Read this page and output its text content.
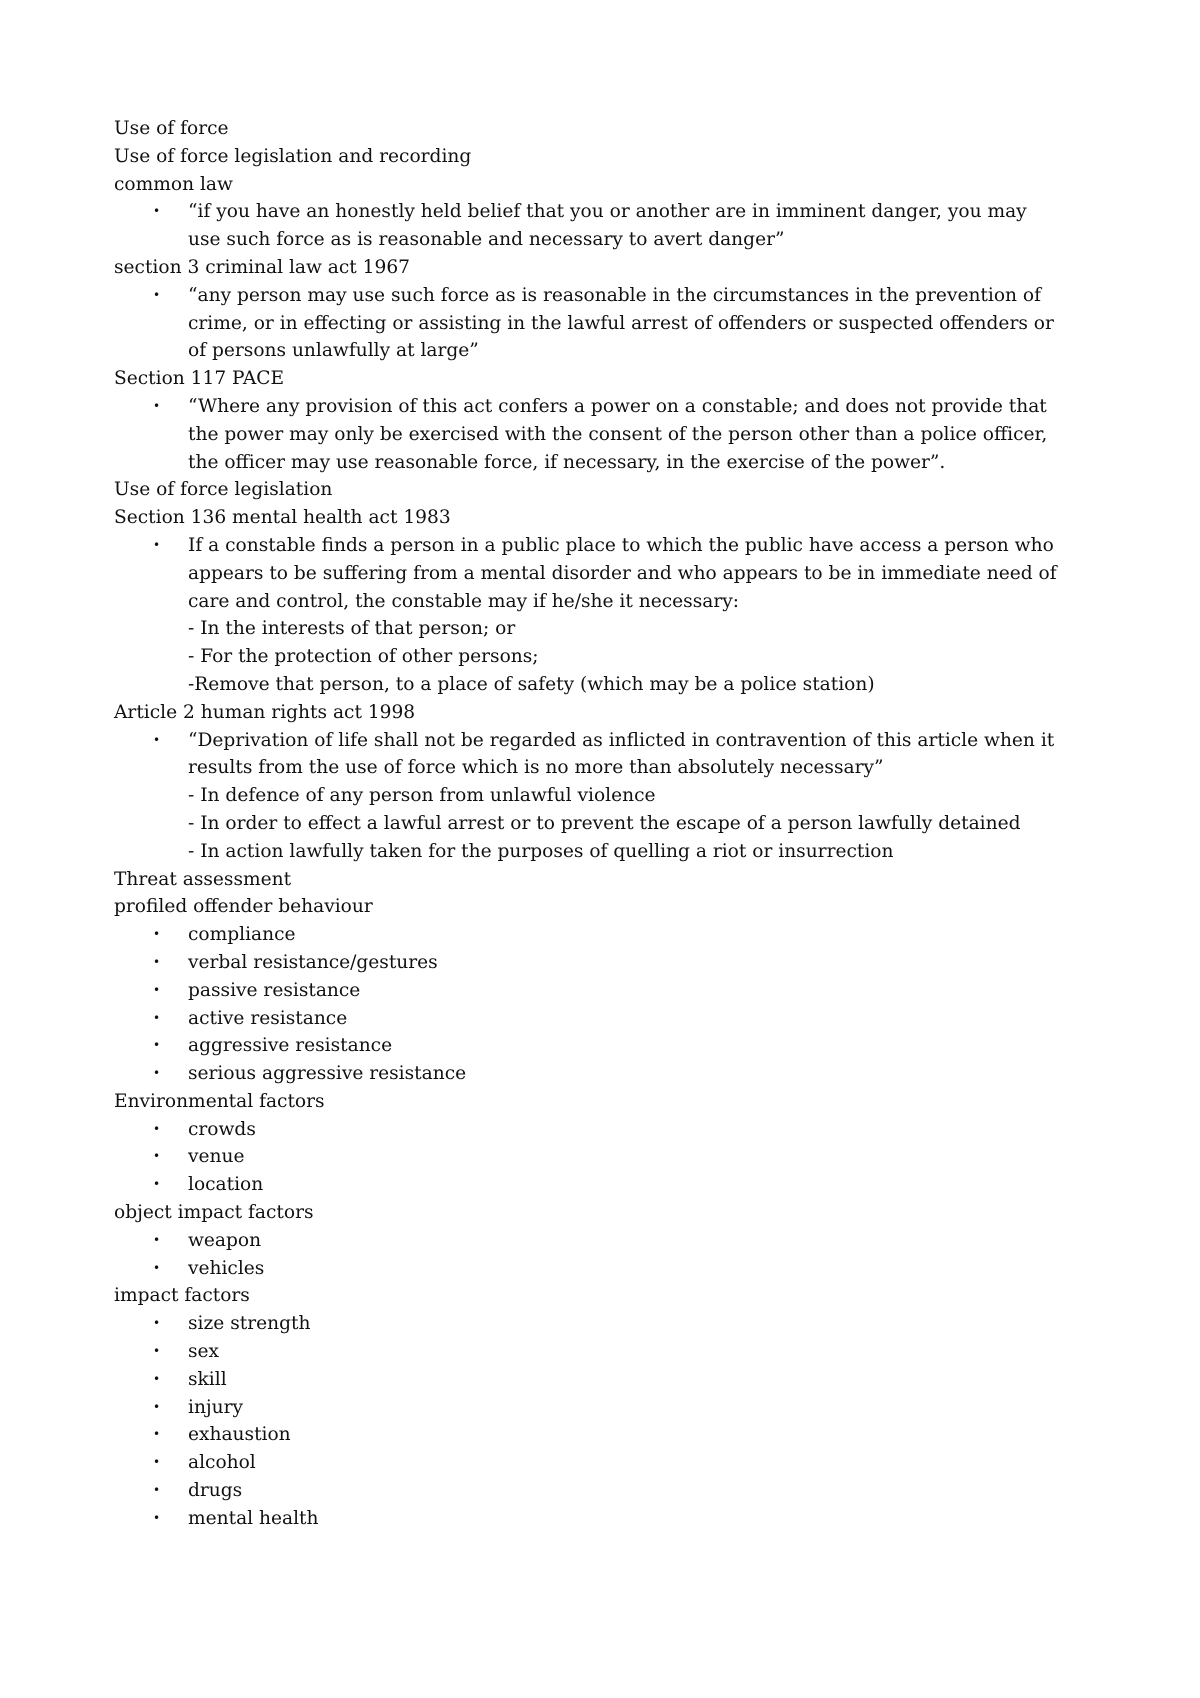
Use of force
Use of force legislation and recording
common law
• “if you have an honestly held belief that you or another are in imminent danger, you may
use such force as is reasonable and necessary to avert danger”
section 3 criminal law act 1967
• “any person may use such force as is reasonable in the circumstances in the prevention of
crime, or in effecting or assisting in the lawful arrest of offenders or suspected offenders or
of persons unlawfully at large”
Section 117 PACE
• “Where any provision of this act confers a power on a constable; and does not provide that
the power may only be exercised with the consent of the person other than a police officer,
the officer may use reasonable force, if necessary, in the exercise of the power”.
Use of force legislation
Section 136 mental health act 1983
• If a constable finds a person in a public place to which the public have access a person who
appears to be suffering from a mental disorder and who appears to be in immediate need of
care and control, the constable may if he/she it necessary:
- In the interests of that person; or
- For the protection of other persons;
-Remove that person, to a place of safety (which may be a police station)
Article 2 human rights act 1998
• “Deprivation of life shall not be regarded as inflicted in contravention of this article when it
results from the use of force which is no more than absolutely necessary”
- In defence of any person from unlawful violence
- In order to effect a lawful arrest or to prevent the escape of a person lawfully detained
- In action lawfully taken for the purposes of quelling a riot or insurrection
Threat assessment
profiled offender behaviour
• compliance
• verbal resistance/gestures
• passive resistance
• active resistance
• aggressive resistance
• serious aggressive resistance
Environmental factors
• crowds
• venue
• location
object impact factors
• weapon
• vehicles
impact factors
• size strength
• sex
• skill
• injury
• exhaustion
• alcohol
• drugs
• mental health
